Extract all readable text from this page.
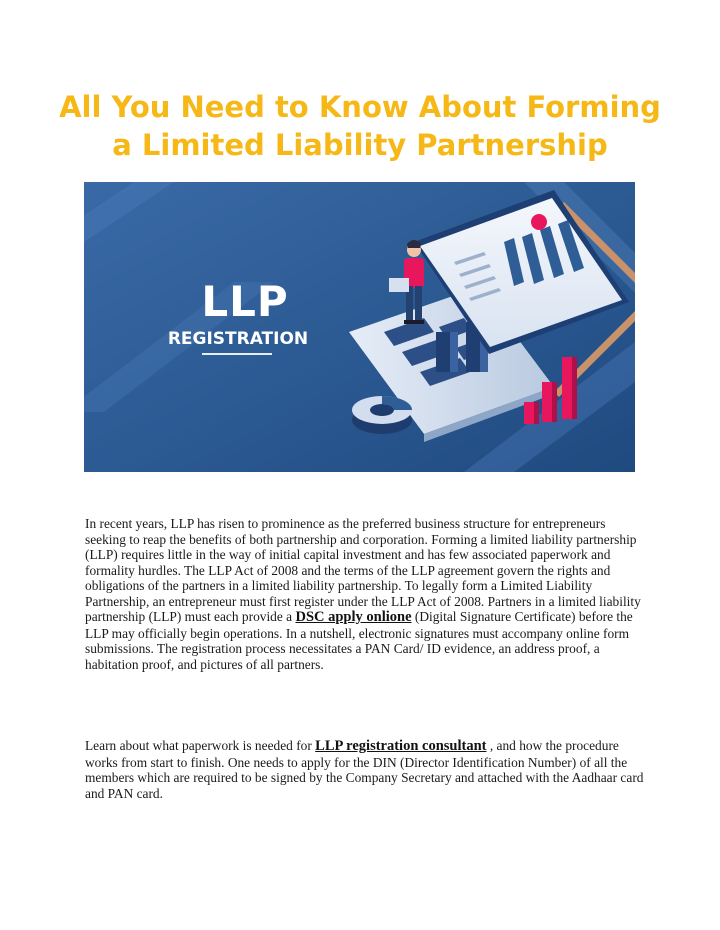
All You Need to Know About Forming
a Limited Liability Partnership
LLP
REGISTRATION

In recent years, LLP has risen to prominence as the preferred business structure for entrepreneurs seeking to reap the benefits of both partnership and corporation. Forming a limited liability partnership (LLP) requires little in the way of initial capital investment and has few associated paperwork and formality hurdles. The LLP Act of 2008 and the terms of the LLP agreement govern the rights and obligations of the partners in a limited liability partnership. To legally form a Limited Liability Partnership, an entrepreneur must first register under the LLP Act of 2008. Partners in a limited liability partnership (LLP) must each provide a DSC apply onlione (Digital Signature Certificate) before the LLP may officially begin operations. In a nutshell, electronic signatures must accompany online form submissions. The registration process necessitates a PAN Card/ ID evidence, an address proof, a habitation proof, and pictures of all partners.

Learn about what paperwork is needed for LLP registration consultant , and how the procedure works from start to finish. One needs to apply for the DIN (Director Identification Number) of all the members which are required to be signed by the Company Secretary and attached with the Aadhaar card and PAN card.
